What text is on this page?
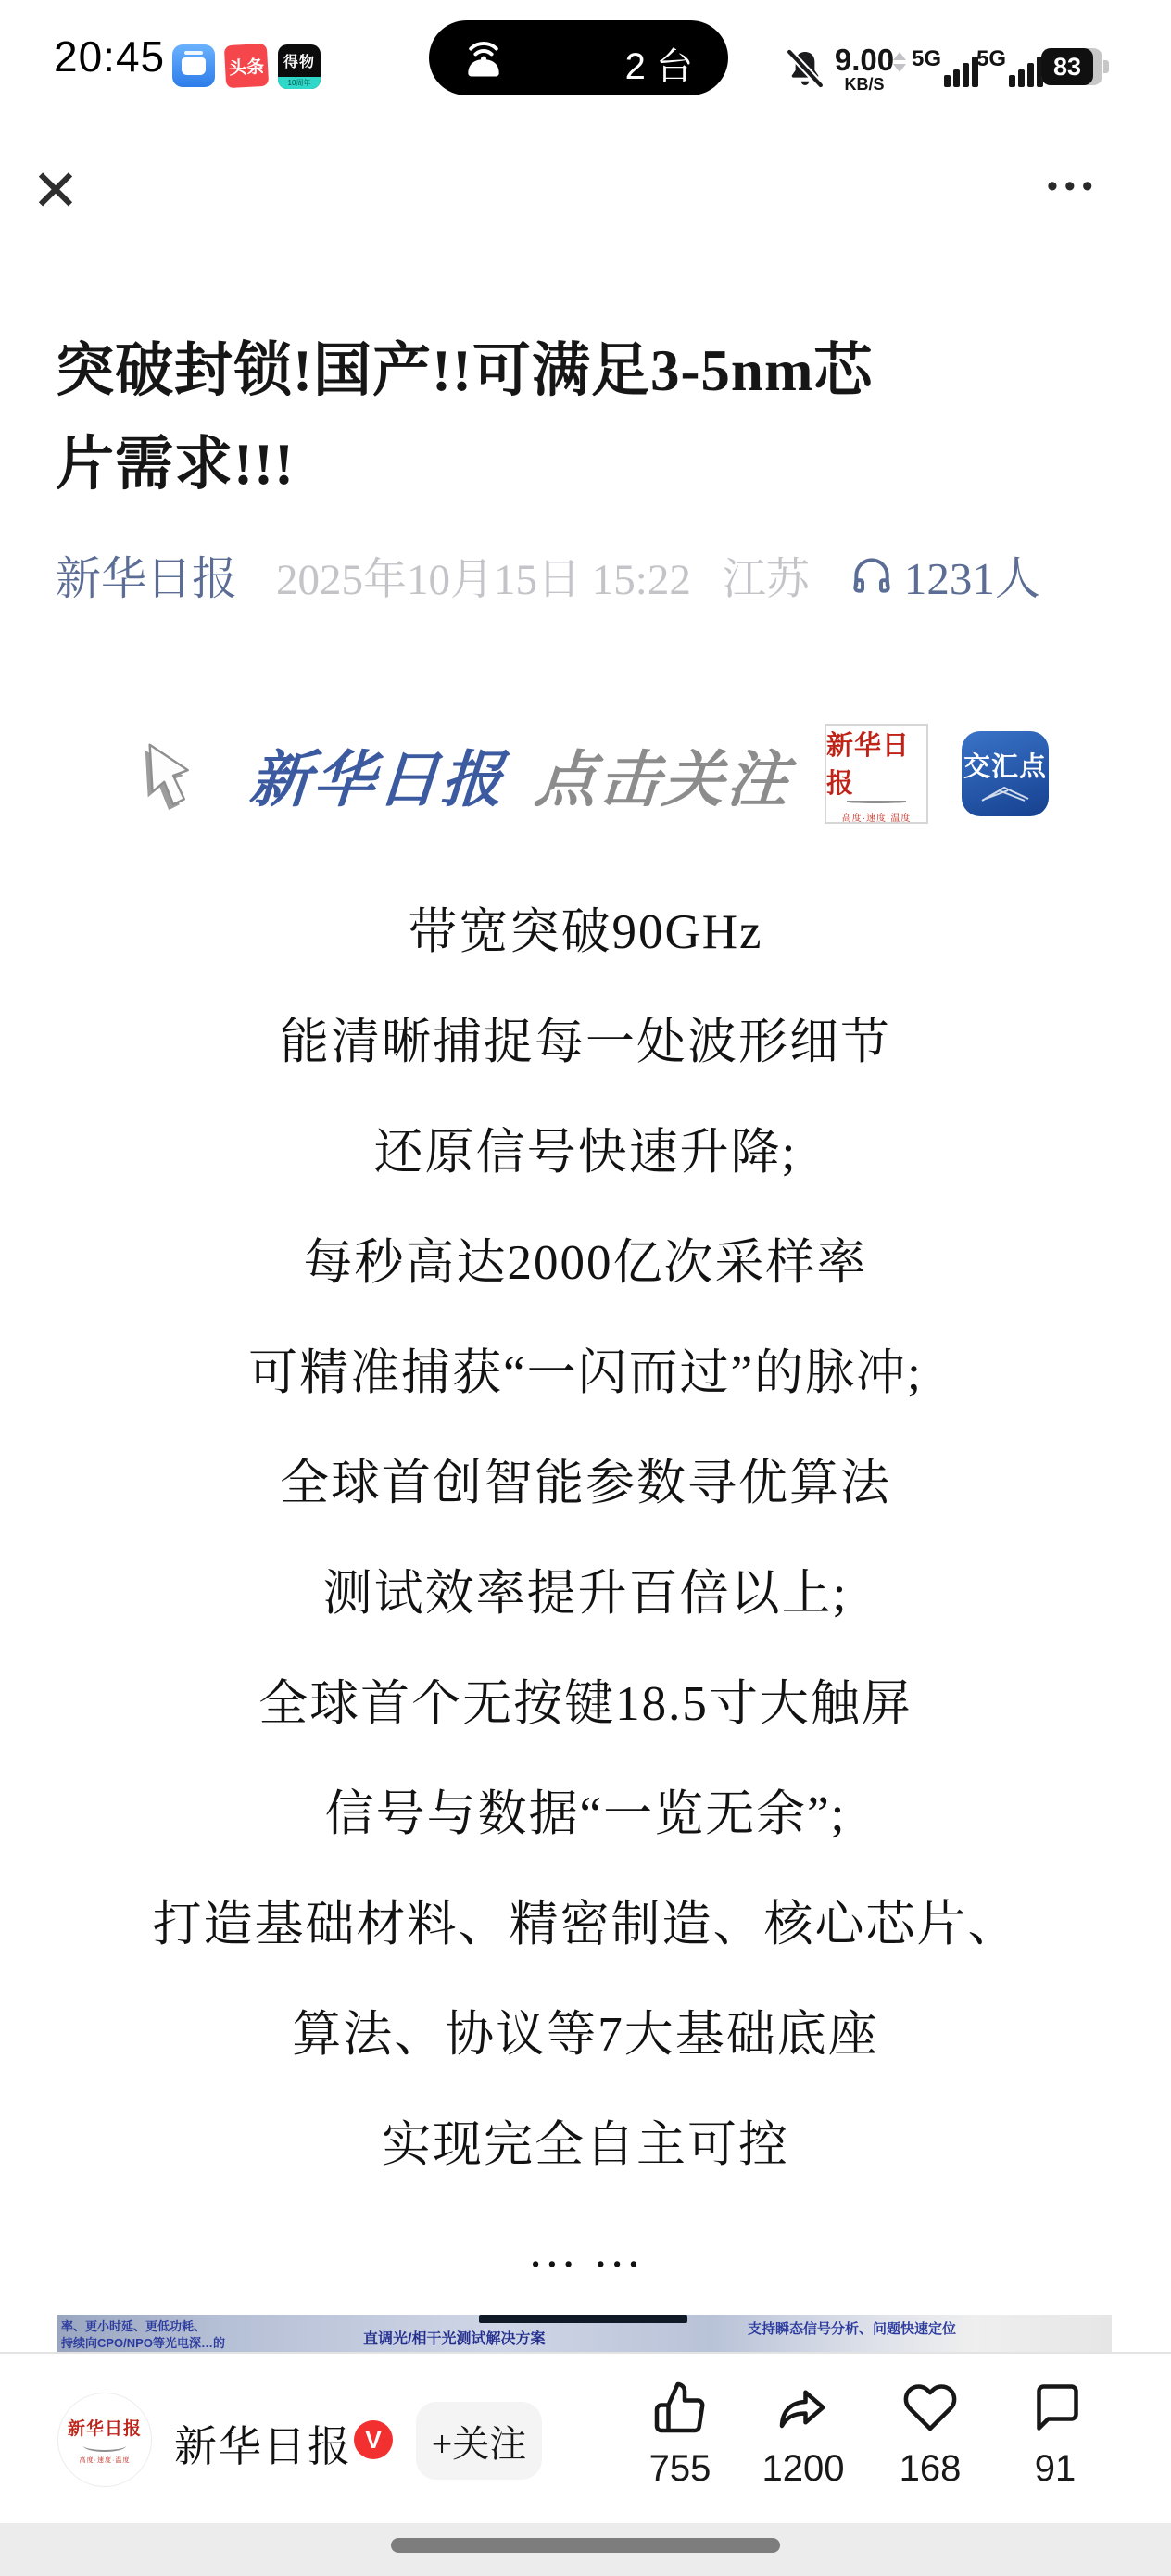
20:45	头条	得物
10周年	2 台	9.00
KB/S
5G 5G	83
✕	•••
突破封锁!国产!!可满足3-5nm芯
片需求!!!
新华日报 2025年10月15日 15:22 江苏 1231人
新华日报 点击关注 新华日报
高度·速度·温度
交汇点
带宽突破90GHz
能清晰捕捉每一处波形细节
还原信号快速升降;
每秒高达2000亿次采样率
可精准捕获“一闪而过”的脉冲;
全球首创智能参数寻优算法
测试效率提升百倍以上;
全球首个无按键18.5寸大触屏
信号与数据“一览无余”;
打造基础材料、精密制造、核心芯片、
算法、协议等7大基础底座
实现完全自主可控
… …
率、更小时延、更低功耗、
持续向CPO/NPO等光电深…的	直调光/相干光测试解决方案
支持瞬态信号分析、问题快速定位
新华日报
高度·速度·温度 新华日报 V	+关注
755 1200 168 91
